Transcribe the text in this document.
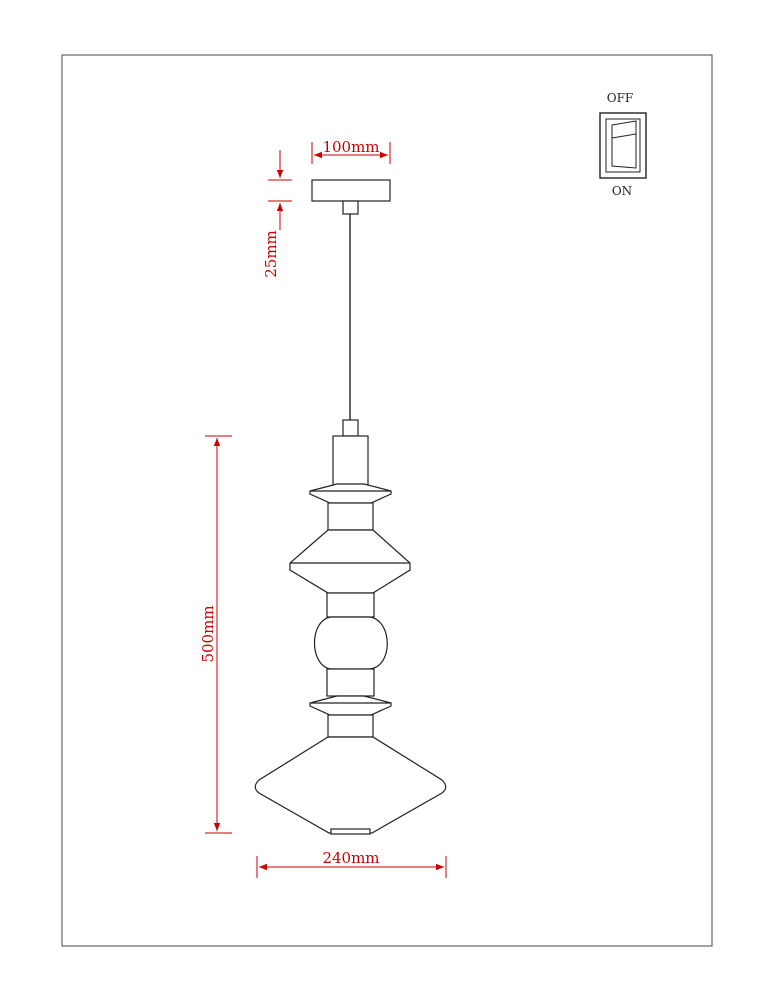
OFF
ON
100mm
25mm
500mm
240mm
